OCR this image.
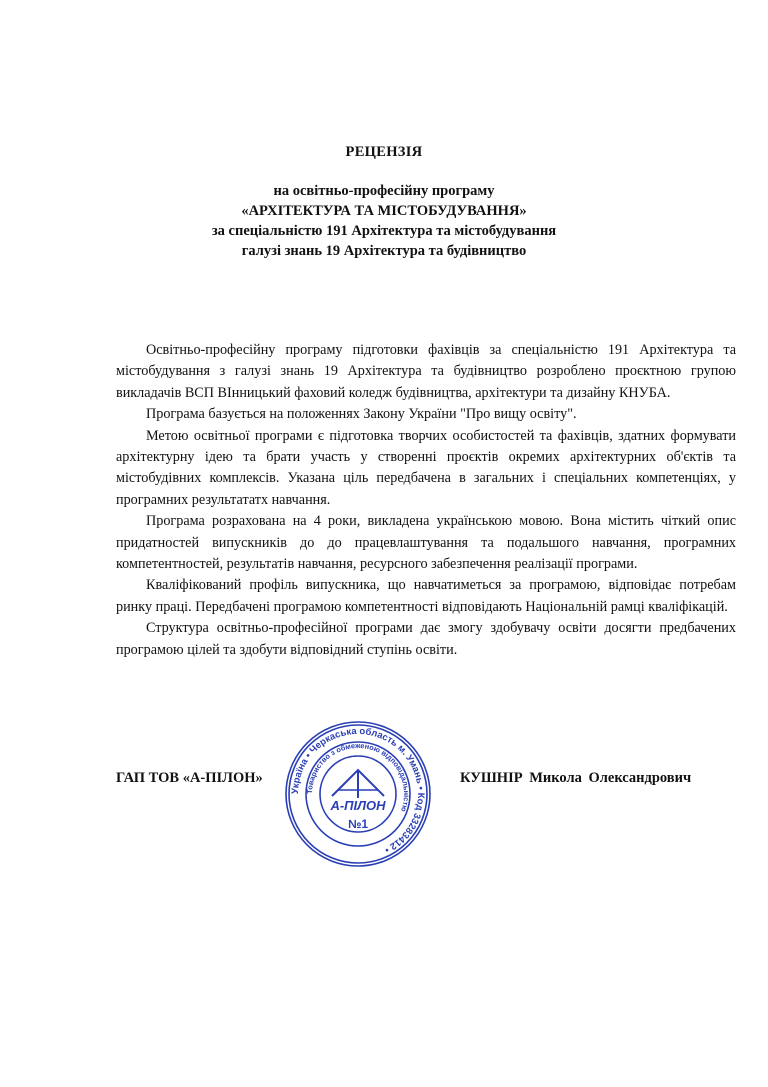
РЕЦЕНЗІЯ
на освітньо-професійну програму
«АРХІТЕКТУРА ТА МІСТОБУДУВАННЯ»
за спеціальністю 191 Архітектура та містобудування
галузі знань 19 Архітектура та будівництво

Освітньо-професійну програму підготовки фахівців за спеціальністю 191 Архітектура та містобудування з галузі знань 19 Архітектура та будівництво розроблено проєктною групою викладачів ВСП ВІнницький фаховий коледж будівництва, архітектури та дизайну КНУБА.

Програма базується на положеннях Закону України "Про вищу освіту".

Метою освітньої програми є підготовка творчих особистостей та фахівців, здатних формувати архітектурну ідею та брати участь у створенні проєктів окремих архітектурних об'єктів та містобудівних комплексів. Указана ціль передбачена в загальних і спеціальних компетенціях, у програмних результататх навчання.

Програма розрахована на 4 роки, викладена українською мовою. Вона містить чіткий опис придатностей випускників до до працевлаштування та подальшого навчання, програмних компетентностей, результатів навчання, ресурсного забезпечення реалізації програми.

Кваліфікований профіль випускника, що навчатиметься за програмою, відповідає потребам ринку праці. Передбачені програмою компетентності відповідають Національній рамці кваліфікацій.

Структура освітньо-професійної програми дає змогу здобувачу освіти досягти предбачених програмою цілей та здобути відповідний ступінь освіти.

ГАП ТОВ «А-ПІЛОН»	КУШНІР Микола Олександрович
Україна • Черкаська область м. Умань • Код 33283412 •
Товариство з обмеженою відповідальністю
А-ПІЛОН
№1
